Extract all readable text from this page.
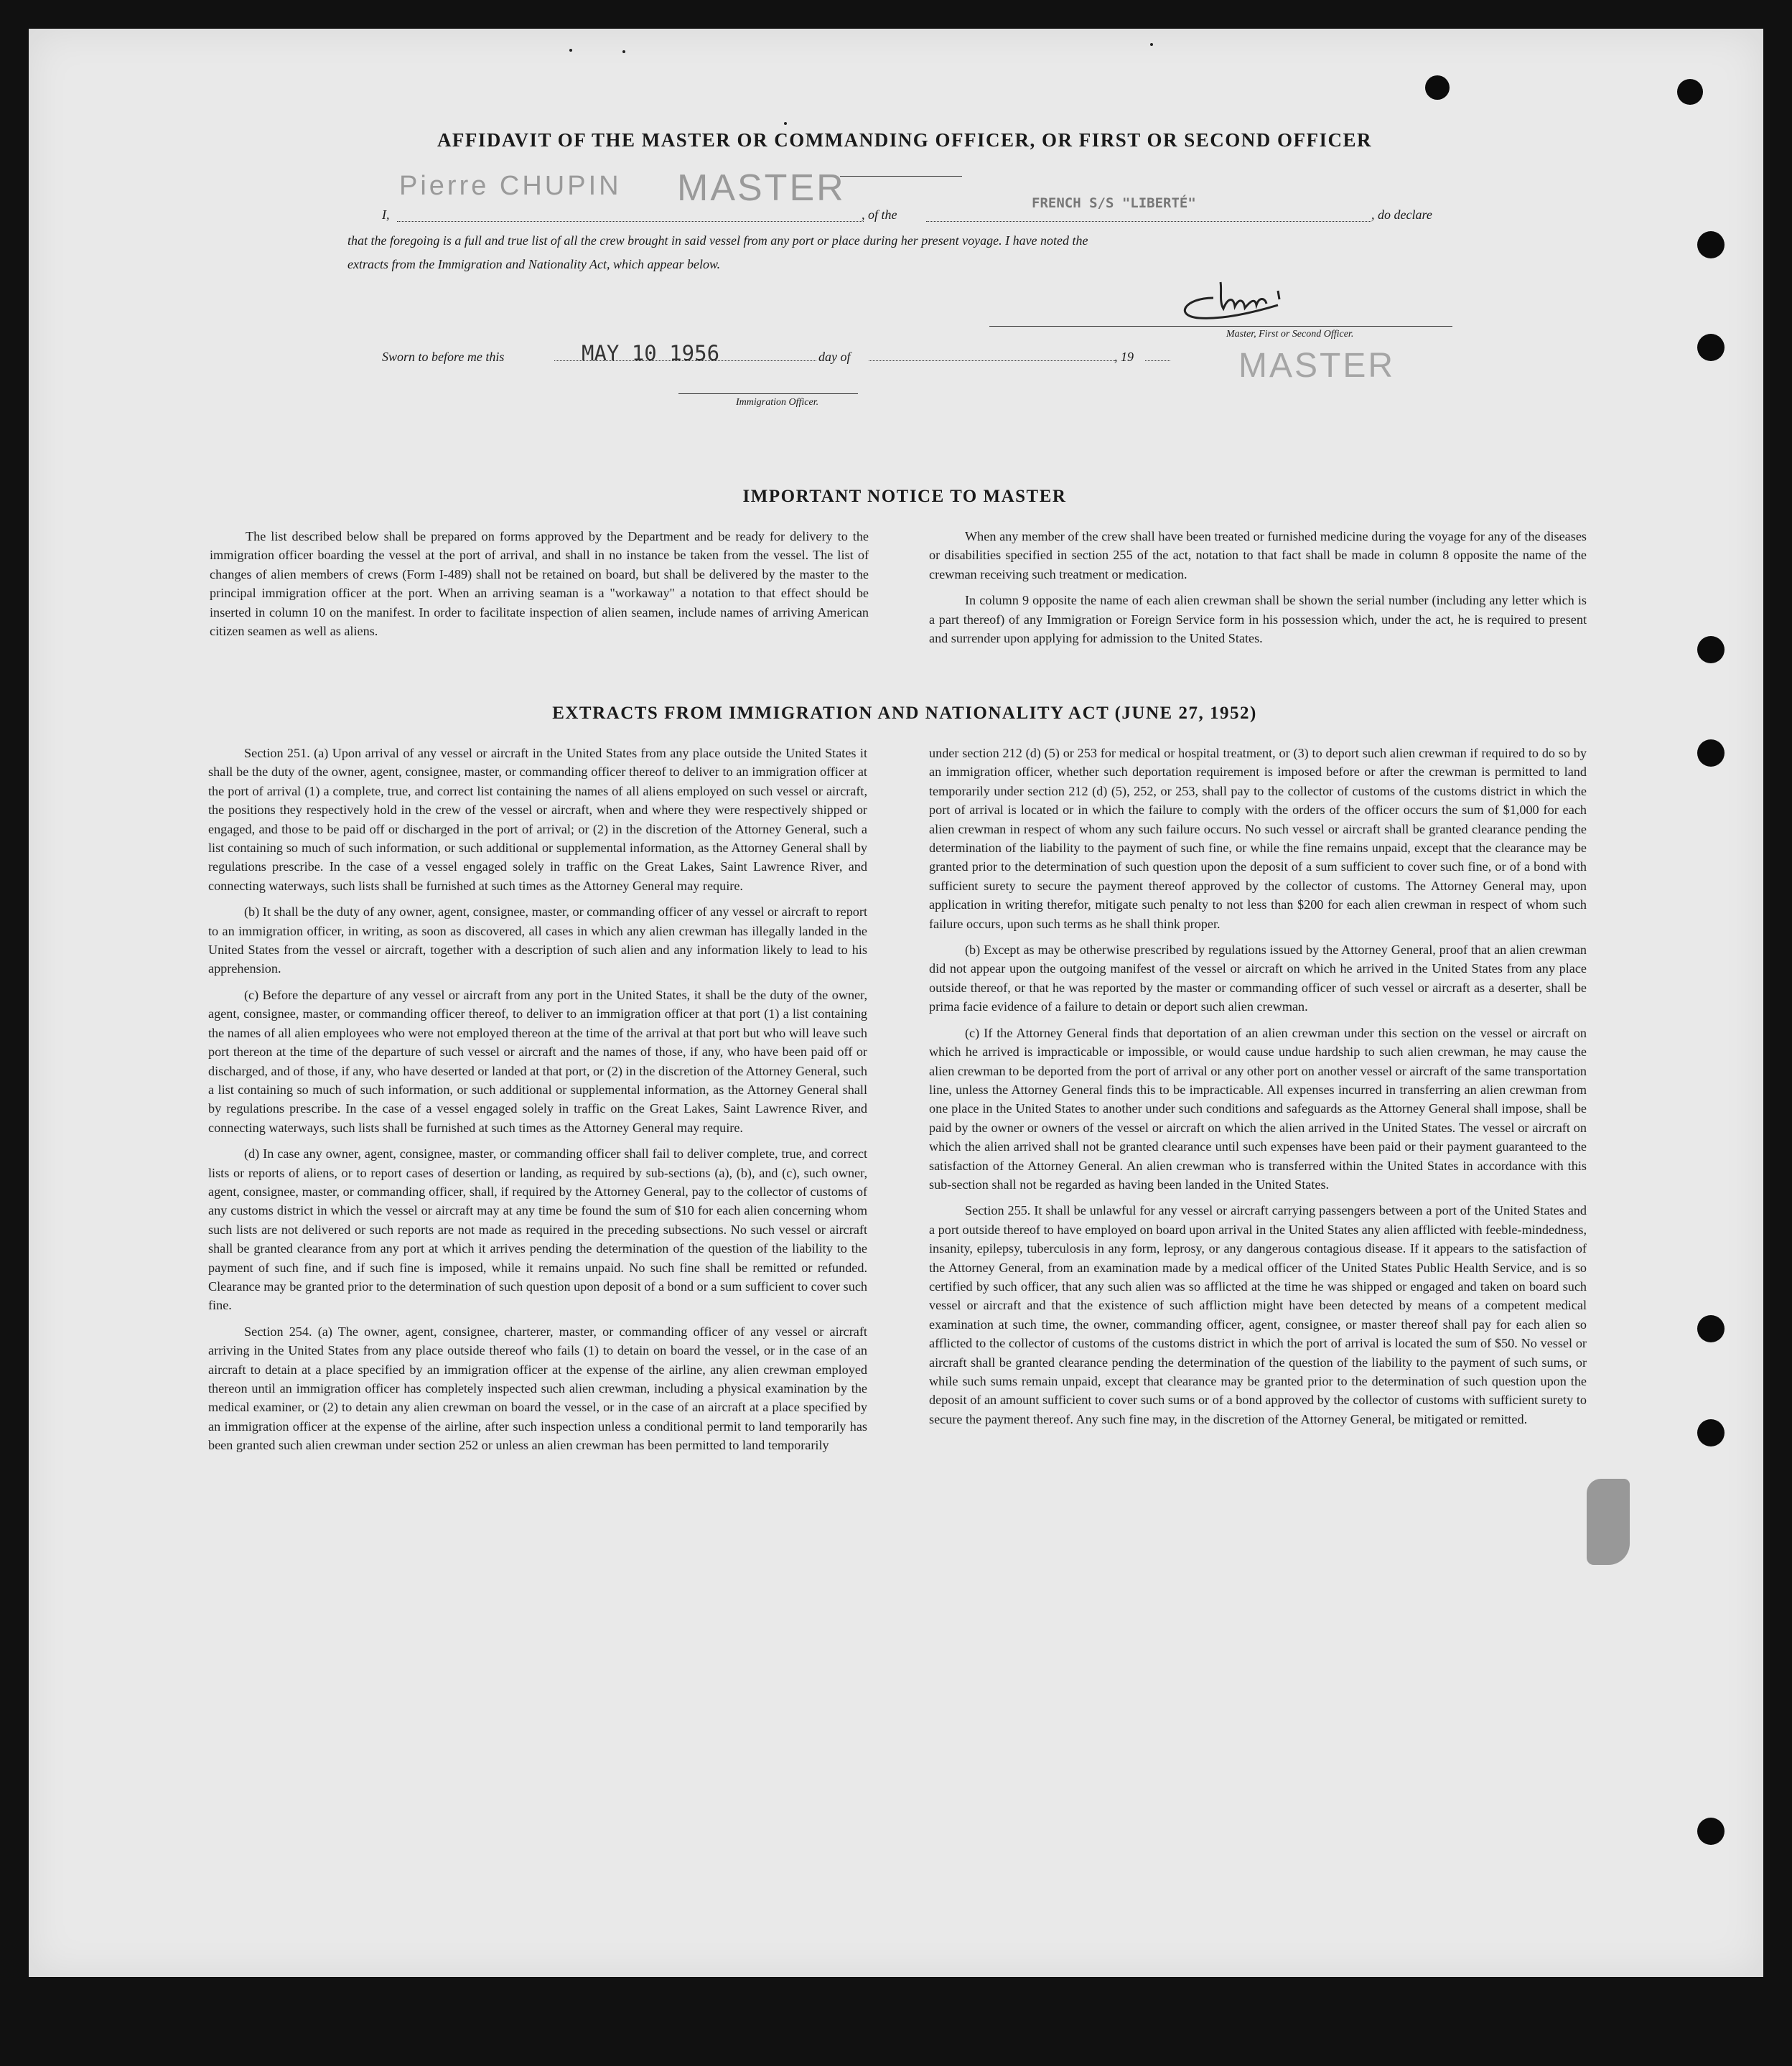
AFFIDAVIT OF THE MASTER OR COMMANDING OFFICER, OR FIRST OR SECOND OFFICER
Pierre CHUPIN MASTER
I,	, of the
FRENCH S/S "LIBERTÉ"
, do declare
that the foregoing is a full and true list of all the crew brought in said vessel from any port or place during her present voyage. I have noted the
extracts from the Immigration and Nationality Act, which appear below.
Master, First or Second Officer.
Sworn to before me this	MAY 10 1956	day of	, 19	MASTER
Immigration Officer.
IMPORTANT NOTICE TO MASTER

The list described below shall be prepared on forms approved by the Department and be ready for delivery to the immigration officer boarding the vessel at the port of arrival, and shall in no instance be taken from the vessel. The list of changes of alien members of crews (Form I-489) shall not be retained on board, but shall be delivered by the master to the principal immigration officer at the port. When an arriving seaman is a "workaway" a notation to that effect should be inserted in column 10 on the manifest. In order to facilitate inspection of alien seamen, include names of arriving American citizen seamen as well as aliens.

When any member of the crew shall have been treated or furnished medicine during the voyage for any of the diseases or disabilities specified in section 255 of the act, notation to that fact shall be made in column 8 opposite the name of the crewman receiving such treatment or medication.

In column 9 opposite the name of each alien crewman shall be shown the serial number (including any letter which is a part thereof) of any Immigration or Foreign Service form in his possession which, under the act, he is required to present and surrender upon applying for admission to the United States.

EXTRACTS FROM IMMIGRATION AND NATIONALITY ACT (JUNE 27, 1952)

Section 251. (a) Upon arrival of any vessel or aircraft in the United States from any place outside the United States it shall be the duty of the owner, agent, consignee, master, or commanding officer thereof to deliver to an immigration officer at the port of arrival (1) a complete, true, and correct list containing the names of all aliens employed on such vessel or aircraft, the positions they respectively hold in the crew of the vessel or aircraft, when and where they were respectively shipped or engaged, and those to be paid off or discharged in the port of arrival; or (2) in the discretion of the Attorney General, such a list containing so much of such information, or such additional or supplemental information, as the Attorney General shall by regulations prescribe. In the case of a vessel engaged solely in traffic on the Great Lakes, Saint Lawrence River, and connecting waterways, such lists shall be furnished at such times as the Attorney General may require.

(b) It shall be the duty of any owner, agent, consignee, master, or commanding officer of any vessel or aircraft to report to an immigration officer, in writing, as soon as discovered, all cases in which any alien crewman has illegally landed in the United States from the vessel or aircraft, together with a description of such alien and any information likely to lead to his apprehension.

(c) Before the departure of any vessel or aircraft from any port in the United States, it shall be the duty of the owner, agent, consignee, master, or commanding officer thereof, to deliver to an immigration officer at that port (1) a list containing the names of all alien employees who were not employed thereon at the time of the arrival at that port but who will leave such port thereon at the time of the departure of such vessel or aircraft and the names of those, if any, who have been paid off or discharged, and of those, if any, who have deserted or landed at that port, or (2) in the discretion of the Attorney General, such a list containing so much of such information, or such additional or supplemental information, as the Attorney General shall by regulations prescribe. In the case of a vessel engaged solely in traffic on the Great Lakes, Saint Lawrence River, and connecting waterways, such lists shall be furnished at such times as the Attorney General may require.

(d) In case any owner, agent, consignee, master, or commanding officer shall fail to deliver complete, true, and correct lists or reports of aliens, or to report cases of desertion or landing, as required by sub-sections (a), (b), and (c), such owner, agent, consignee, master, or commanding officer, shall, if required by the Attorney General, pay to the collector of customs of any customs district in which the vessel or aircraft may at any time be found the sum of $10 for each alien concerning whom such lists are not delivered or such reports are not made as required in the preceding subsections. No such vessel or aircraft shall be granted clearance from any port at which it arrives pending the determination of the question of the liability to the payment of such fine, and if such fine is imposed, while it remains unpaid. No such fine shall be remitted or refunded. Clearance may be granted prior to the determination of such question upon deposit of a bond or a sum sufficient to cover such fine.

Section 254. (a) The owner, agent, consignee, charterer, master, or commanding officer of any vessel or aircraft arriving in the United States from any place outside thereof who fails (1) to detain on board the vessel, or in the case of an aircraft to detain at a place specified by an immigration officer at the expense of the airline, any alien crewman employed thereon until an immigration officer has completely inspected such alien crewman, including a physical examination by the medical examiner, or (2) to detain any alien crewman on board the vessel, or in the case of an aircraft at a place specified by an immigration officer at the expense of the airline, after such inspection unless a conditional permit to land temporarily has been granted such alien crewman under section 252 or unless an alien crewman has been permitted to land temporarily

under section 212 (d) (5) or 253 for medical or hospital treatment, or (3) to deport such alien crewman if required to do so by an immigration officer, whether such deportation requirement is imposed before or after the crewman is permitted to land temporarily under section 212 (d) (5), 252, or 253, shall pay to the collector of customs of the customs district in which the port of arrival is located or in which the failure to comply with the orders of the officer occurs the sum of $1,000 for each alien crewman in respect of whom any such failure occurs. No such vessel or aircraft shall be granted clearance pending the determination of the liability to the payment of such fine, or while the fine remains unpaid, except that the clearance may be granted prior to the determination of such question upon the deposit of a sum sufficient to cover such fine, or of a bond with sufficient surety to secure the payment thereof approved by the collector of customs. The Attorney General may, upon application in writing therefor, mitigate such penalty to not less than $200 for each alien crewman in respect of whom such failure occurs, upon such terms as he shall think proper.

(b) Except as may be otherwise prescribed by regulations issued by the Attorney General, proof that an alien crewman did not appear upon the outgoing manifest of the vessel or aircraft on which he arrived in the United States from any place outside thereof, or that he was reported by the master or commanding officer of such vessel or aircraft as a deserter, shall be prima facie evidence of a failure to detain or deport such alien crewman.

(c) If the Attorney General finds that deportation of an alien crewman under this section on the vessel or aircraft on which he arrived is impracticable or impossible, or would cause undue hardship to such alien crewman, he may cause the alien crewman to be deported from the port of arrival or any other port on another vessel or aircraft of the same transportation line, unless the Attorney General finds this to be impracticable. All expenses incurred in transferring an alien crewman from one place in the United States to another under such conditions and safeguards as the Attorney General shall impose, shall be paid by the owner or owners of the vessel or aircraft on which the alien arrived in the United States. The vessel or aircraft on which the alien arrived shall not be granted clearance until such expenses have been paid or their payment guaranteed to the satisfaction of the Attorney General. An alien crewman who is transferred within the United States in accordance with this sub-section shall not be regarded as having been landed in the United States.

Section 255. It shall be unlawful for any vessel or aircraft carrying passengers between a port of the United States and a port outside thereof to have employed on board upon arrival in the United States any alien afflicted with feeble-mindedness, insanity, epilepsy, tuberculosis in any form, leprosy, or any dangerous contagious disease. If it appears to the satisfaction of the Attorney General, from an examination made by a medical officer of the United States Public Health Service, and is so certified by such officer, that any such alien was so afflicted at the time he was shipped or engaged and taken on board such vessel or aircraft and that the existence of such affliction might have been detected by means of a competent medical examination at such time, the owner, commanding officer, agent, consignee, or master thereof shall pay for each alien so afflicted to the collector of customs of the customs district in which the port of arrival is located the sum of $50. No vessel or aircraft shall be granted clearance pending the determination of the question of the liability to the payment of such sums, or while such sums remain unpaid, except that clearance may be granted prior to the determination of such question upon the deposit of an amount sufficient to cover such sums or of a bond approved by the collector of customs with sufficient surety to secure the payment thereof. Any such fine may, in the discretion of the Attorney General, be mitigated or remitted.
